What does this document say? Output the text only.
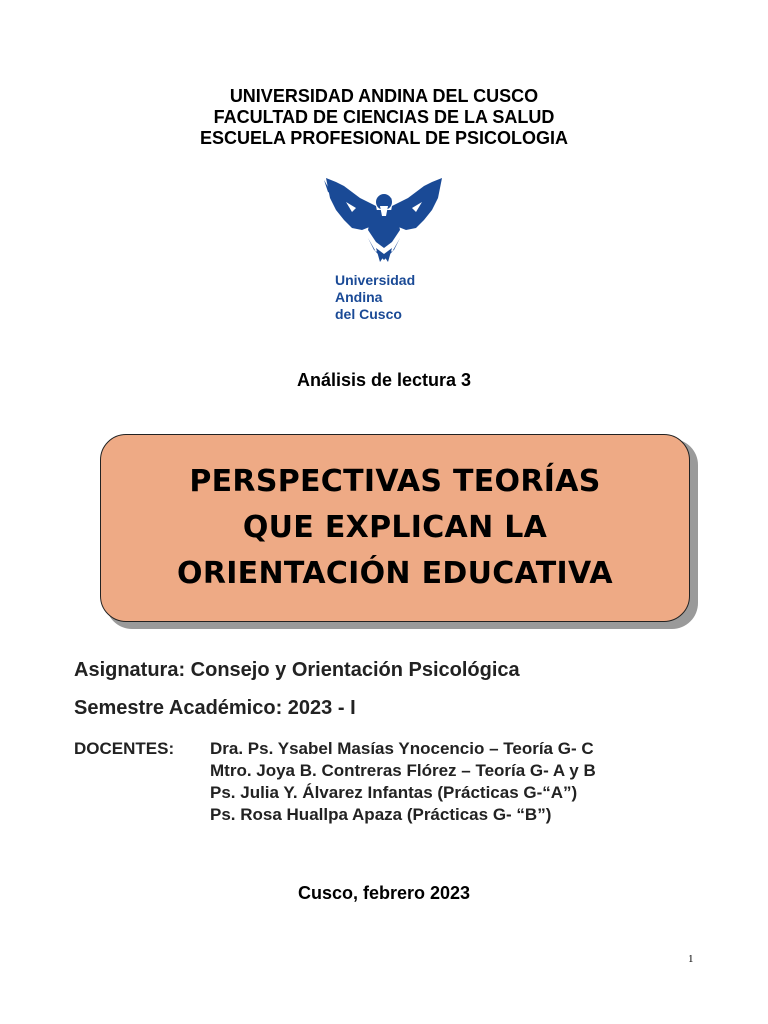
UNIVERSIDAD ANDINA DEL CUSCO
FACULTAD DE CIENCIAS DE LA SALUD
ESCUELA PROFESIONAL DE PSICOLOGIA
Universidad
Andina
del Cusco
Análisis de lectura 3
PERSPECTIVAS TEORÍAS
QUE EXPLICAN LA
ORIENTACIÓN EDUCATIVA
Asignatura: Consejo y Orientación Psicológica
Semestre Académico: 2023 - I
DOCENTES: Dra. Ps. Ysabel Masías Ynocencio – Teoría G- C
Mtro. Joya B. Contreras Flórez – Teoría G- A y B
Ps. Julia Y. Álvarez Infantas (Prácticas G-“A”)
Ps. Rosa Huallpa Apaza (Prácticas G- “B”)
Cusco, febrero 2023
1
